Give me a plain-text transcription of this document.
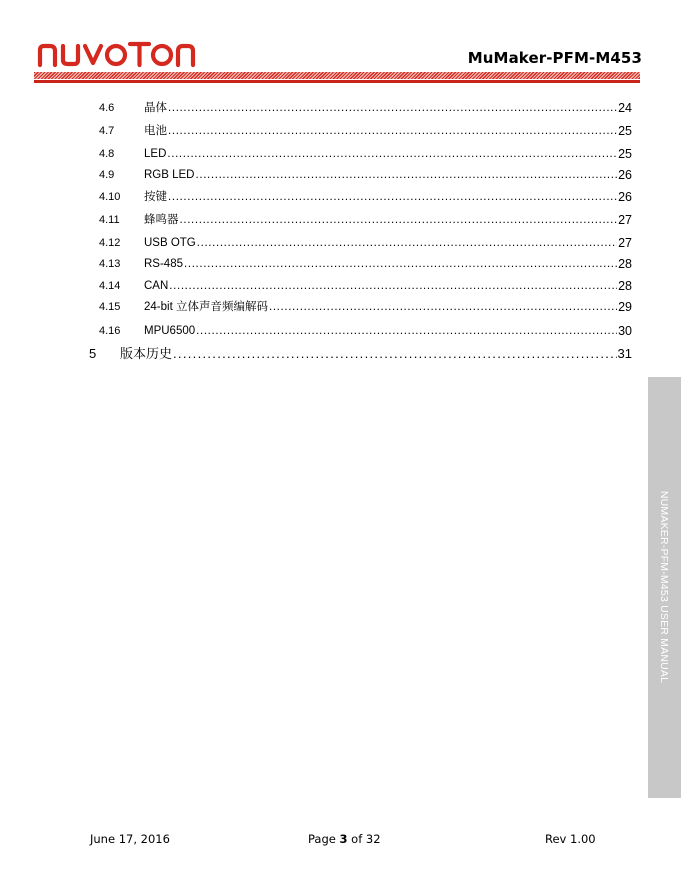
MuMaker-PFM-M453
4.6	晶体 .....	24
4.7	电池 .....	25
4.8	LED .....	25
4.9	RGB LED .....	26
4.10 按键 .....	26
4.11 蜂鸣器 .....	27
4.12 USB OTG .....	27
4.13 RS-485 .....	28
4.14 CAN .....	28
4.15 24-bit 立体声音频编解码 .....	29
4.16 MPU6500 .....	30
5 版本历史 .....	31
NUMAKER-PFM-M453 USER MANUAL
June 17, 2016	Page 3 of 32	Rev 1.00
